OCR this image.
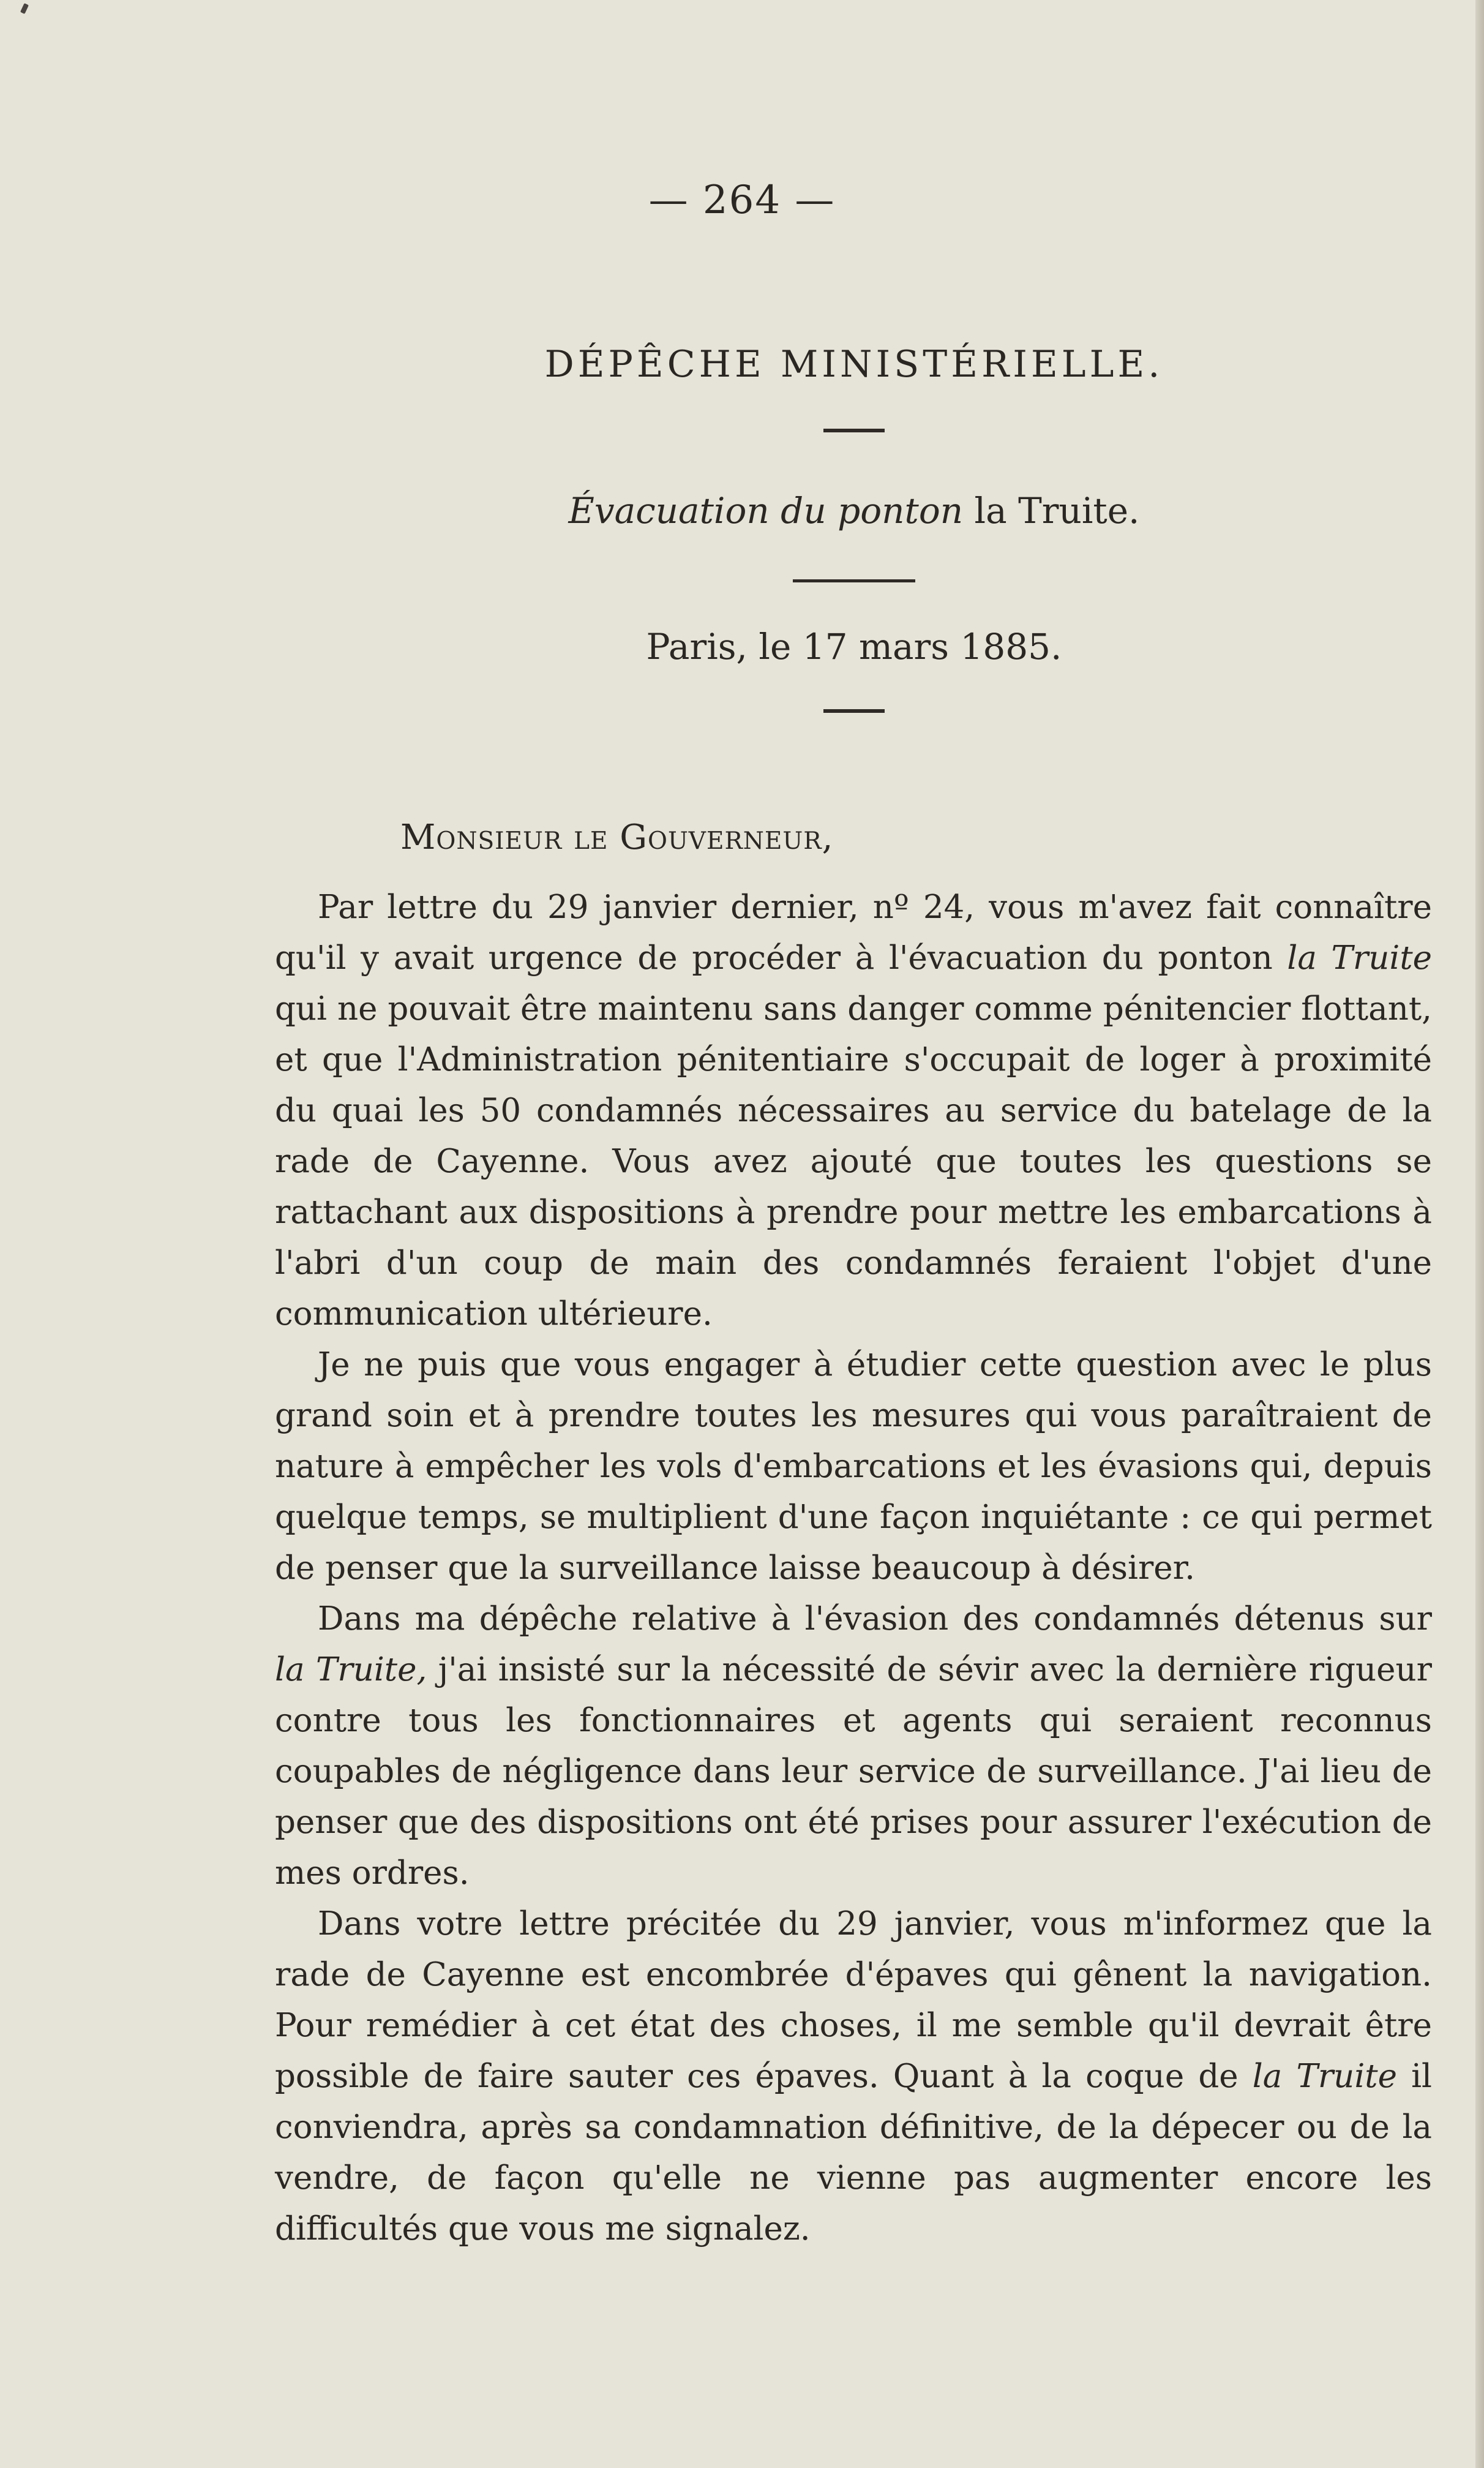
— 264 —
DÉPÊCHE MINISTÉRIELLE.
Évacuation du ponton la Truite.
Paris, le 17 mars 1885.
Monsieur le Gouverneur,

Par lettre du 29 janvier dernier, nº 24, vous m'avez fait connaître qu'il y avait urgence de procéder à l'évacuation du ponton la Truite qui ne pouvait être maintenu sans danger comme pénitencier flottant, et que l'Administration pénitentiaire s'occupait de loger à proximité du quai les 50 condamnés nécessaires au service du batelage de la rade de Cayenne. Vous avez ajouté que toutes les questions se rattachant aux dispositions à prendre pour mettre les embarcations à l'abri d'un coup de main des condamnés feraient l'objet d'une communication ultérieure.

Je ne puis que vous engager à étudier cette question avec le plus grand soin et à prendre toutes les mesures qui vous paraîtraient de nature à empêcher les vols d'embarcations et les évasions qui, depuis quelque temps, se multiplient d'une façon inquiétante : ce qui permet de penser que la surveillance laisse beaucoup à désirer.

Dans ma dépêche relative à l'évasion des condamnés détenus sur la Truite, j'ai insisté sur la nécessité de sévir avec la dernière rigueur contre tous les fonctionnaires et agents qui seraient reconnus coupables de négligence dans leur service de surveillance. J'ai lieu de penser que des dispositions ont été prises pour assurer l'exécution de mes ordres.

Dans votre lettre précitée du 29 janvier, vous m'informez que la rade de Cayenne est encombrée d'épaves qui gênent la navigation. Pour remédier à cet état des choses, il me semble qu'il devrait être possible de faire sauter ces épaves. Quant à la coque de la Truite il conviendra, après sa condamnation définitive, de la dépecer ou de la vendre, de façon qu'elle ne vienne pas augmenter encore les difficultés que vous me signalez.
